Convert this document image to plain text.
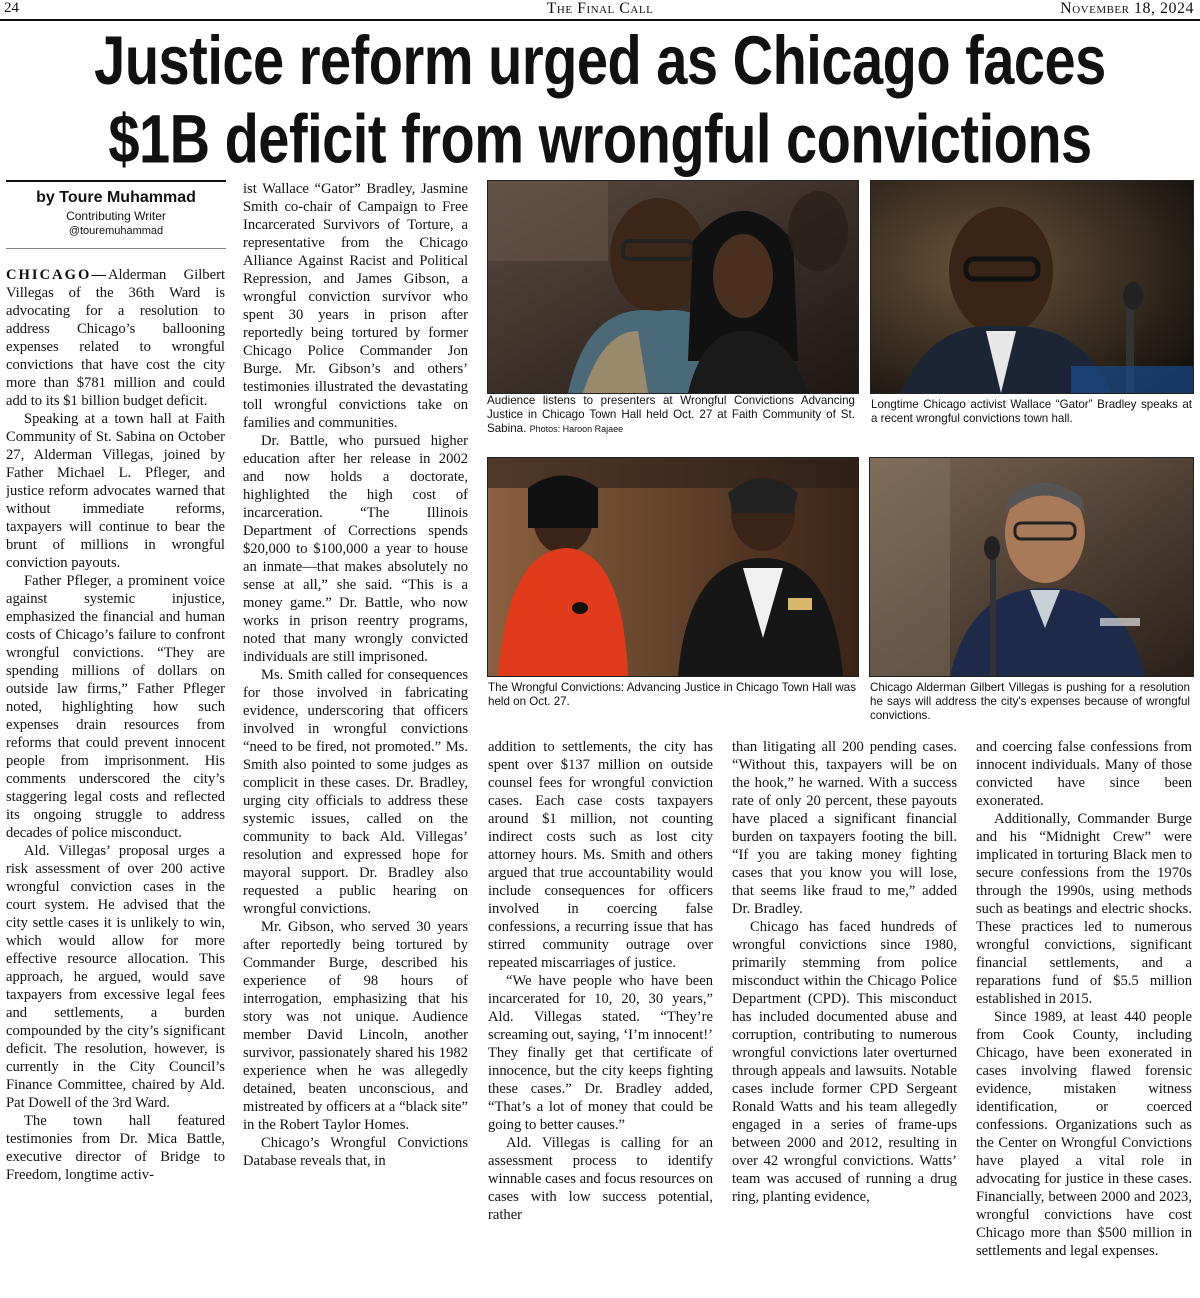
24	The Final Call	November 18, 2024
Justice reform urged as Chicago faces
$1B deficit from wrongful convictions
by Toure Muhammad
Contributing Writer
@touremuhammad

CHICAGO—Alderman Gilbert Villegas of the 36th Ward is advocating for a resolution to address Chicago’s ballooning expenses related to wrongful convictions that have cost the city more than $781 million and could add to its $1 billion budget deficit.

Speaking at a town hall at Faith Community of St. Sabina on October 27, Alderman Villegas, joined by Father Michael L. Pfleger, and justice reform advocates warned that without immediate reforms, taxpayers will continue to bear the brunt of millions in wrongful conviction payouts.

Father Pfleger, a prominent voice against systemic injustice, emphasized the financial and human costs of Chicago’s failure to confront wrongful convictions. “They are spending millions of dollars on outside law firms,” Father Pfleger noted, highlighting how such expenses drain resources from reforms that could prevent innocent people from imprisonment. His comments underscored the city’s staggering legal costs and reflected its ongoing struggle to address decades of police misconduct.

Ald. Villegas’ proposal urges a risk assessment of over 200 active wrongful conviction cases in the court system. He advised that the city settle cases it is unlikely to win, which would allow for more effective resource allocation. This approach, he argued, would save taxpayers from excessive legal fees and settlements, a burden compounded by the city’s significant deficit. The resolution, however, is currently in the City Council’s Finance Committee, chaired by Ald. Pat Dowell of the 3rd Ward.

The town hall featured testimonies from Dr. Mica Battle, executive director of Bridge to Freedom, longtime activ-

ist Wallace “Gator” Bradley, Jasmine Smith co-chair of Campaign to Free Incarcerated Survivors of Torture, a representative from the Chicago Alliance Against Racist and Political Repression, and James Gibson, a wrongful conviction survivor who spent 30 years in prison after reportedly being tortured by former Chicago Police Commander Jon Burge. Mr. Gibson’s and others’ testimonies illustrated the devastating toll wrongful convictions take on families and communities.

Dr. Battle, who pursued higher education after her release in 2002 and now holds a doctorate, highlighted the high cost of incarceration. “The Illinois Department of Corrections spends $20,000 to $100,000 a year to house an inmate—that makes absolutely no sense at all,” she said. “This is a money game.” Dr. Battle, who now works in prison reentry programs, noted that many wrongly convicted individuals are still imprisoned.

Ms. Smith called for consequences for those involved in fabricating evidence, underscoring that officers involved in wrongful convictions “need to be fired, not promoted.” Ms. Smith also pointed to some judges as complicit in these cases. Dr. Bradley, urging city officials to address these systemic issues, called on the community to back Ald. Villegas’ resolution and expressed hope for mayoral support. Dr. Bradley also requested a public hearing on wrongful convictions.

Mr. Gibson, who served 30 years after reportedly being tortured by Commander Burge, described his experience of 98 hours of interrogation, emphasizing that his story was not unique. Audience member David Lincoln, another survivor, passionately shared his 1982 experience when he was allegedly detained, beaten unconscious, and mistreated by officers at a “black site” in the Robert Taylor Homes.

Chicago’s Wrongful Convictions Database reveals that, in

Audience listens to presenters at Wrongful Convictions Advancing Justice in Chicago Town Hall held Oct. 27 at Faith Community of St. Sabina. Photos: Haroon Rajaee
Longtime Chicago activist Wallace “Gator” Bradley speaks at a recent wrongful convictions town hall.
The Wrongful Convictions: Advancing Justice in Chicago Town Hall was held on Oct. 27.
Chicago Alderman Gilbert Villegas is pushing for a resolution he says will address the city's expenses because of wrongful convictions.

addition to settlements, the city has spent over $137 million on outside counsel fees for wrongful conviction cases. Each case costs taxpayers around $1 million, not counting indirect costs such as lost city attorney hours. Ms. Smith and others argued that true accountability would include consequences for officers involved in coercing false confessions, a recurring issue that has stirred community outrage over repeated miscarriages of justice.

“We have people who have been incarcerated for 10, 20, 30 years,” Ald. Villegas stated. “They’re screaming out, saying, ‘I’m innocent!’ They finally get that certificate of innocence, but the city keeps fighting these cases.” Dr. Bradley added, “That’s a lot of money that could be going to better causes.”

Ald. Villegas is calling for an assessment process to identify winnable cases and focus resources on cases with low success potential, rather

than litigating all 200 pending cases. “Without this, taxpayers will be on the hook,” he warned. With a success rate of only 20 percent, these payouts have placed a significant financial burden on taxpayers footing the bill. “If you are taking money fighting cases that you know you will lose, that seems like fraud to me,” added Dr. Bradley.

Chicago has faced hundreds of wrongful convictions since 1980, primarily stemming from police misconduct within the Chicago Police Department (CPD). This misconduct has included documented abuse and corruption, contributing to numerous wrongful convictions later overturned through appeals and lawsuits. Notable cases include former CPD Sergeant Ronald Watts and his team allegedly engaged in a series of frame-ups between 2000 and 2012, resulting in over 42 wrongful convictions. Watts’ team was accused of running a drug ring, planting evidence,

and coercing false confessions from innocent individuals. Many of those convicted have since been exonerated.

Additionally, Commander Burge and his “Midnight Crew” were implicated in torturing Black men to secure confessions from the 1970s through the 1990s, using methods such as beatings and electric shocks. These practices led to numerous wrongful convictions, significant financial settlements, and a reparations fund of $5.5 million established in 2015.

Since 1989, at least 440 people from Cook County, including Chicago, have been exonerated in cases involving flawed forensic evidence, mistaken witness identification, or coerced confessions. Organizations such as the Center on Wrongful Convictions have played a vital role in advocating for justice in these cases. Financially, between 2000 and 2023, wrongful convictions have cost Chicago more than $500 million in settlements and legal expenses.
